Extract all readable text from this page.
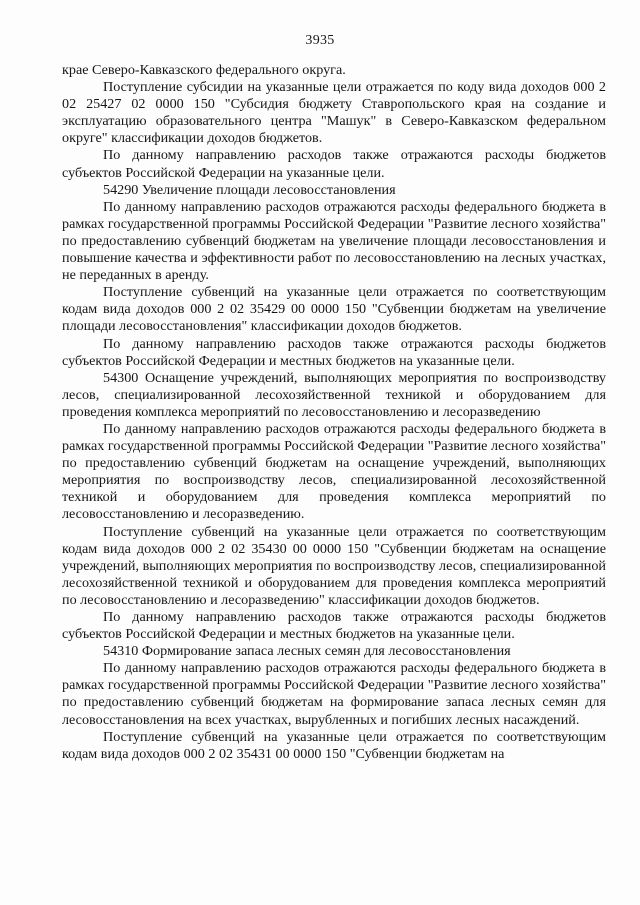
3935

крае Северо-Кавказского федерального округа.

Поступление субсидии на указанные цели отражается по коду вида доходов 000 2 02 25427 02 0000 150 "Субсидия бюджету Ставропольского края на создание и эксплуатацию образовательного центра "Машук" в Северо-Кавказском федеральном округе" классификации доходов бюджетов.

По данному направлению расходов также отражаются расходы бюджетов субъектов Российской Федерации на указанные цели.

54290 Увеличение площади лесовосстановления

По данному направлению расходов отражаются расходы федерального бюджета в рамках государственной программы Российской Федерации "Развитие лесного хозяйства" по предоставлению субвенций бюджетам на увеличение площади лесовосстановления и повышение качества и эффективности работ по лесовосстановлению на лесных участках, не переданных в аренду.

Поступление субвенций на указанные цели отражается по соответствующим кодам вида доходов 000 2 02 35429 00 0000 150 "Субвенции бюджетам на увеличение площади лесовосстановления" классификации доходов бюджетов.

По данному направлению расходов также отражаются расходы бюджетов субъектов Российской Федерации и местных бюджетов на указанные цели.

54300 Оснащение учреждений, выполняющих мероприятия по воспроизводству лесов, специализированной лесохозяйственной техникой и оборудованием для проведения комплекса мероприятий по лесовосстановлению и лесоразведению

По данному направлению расходов отражаются расходы федерального бюджета в рамках государственной программы Российской Федерации "Развитие лесного хозяйства" по предоставлению субвенций бюджетам на оснащение учреждений, выполняющих мероприятия по воспроизводству лесов, специализированной лесохозяйственной техникой и оборудованием для проведения комплекса мероприятий по лесовосстановлению и лесоразведению.

Поступление субвенций на указанные цели отражается по соответствующим кодам вида доходов 000 2 02 35430 00 0000 150 "Субвенции бюджетам на оснащение учреждений, выполняющих мероприятия по воспроизводству лесов, специализированной лесохозяйственной техникой и оборудованием для проведения комплекса мероприятий по лесовосстановлению и лесоразведению" классификации доходов бюджетов.

По данному направлению расходов также отражаются расходы бюджетов субъектов Российской Федерации и местных бюджетов на указанные цели.

54310 Формирование запаса лесных семян для лесовосстановления

По данному направлению расходов отражаются расходы федерального бюджета в рамках государственной программы Российской Федерации "Развитие лесного хозяйства" по предоставлению субвенций бюджетам на формирование запаса лесных семян для лесовосстановления на всех участках, вырубленных и погибших лесных насаждений.

Поступление субвенций на указанные цели отражается по соответствующим кодам вида доходов 000 2 02 35431 00 0000 150 "Субвенции бюджетам на
